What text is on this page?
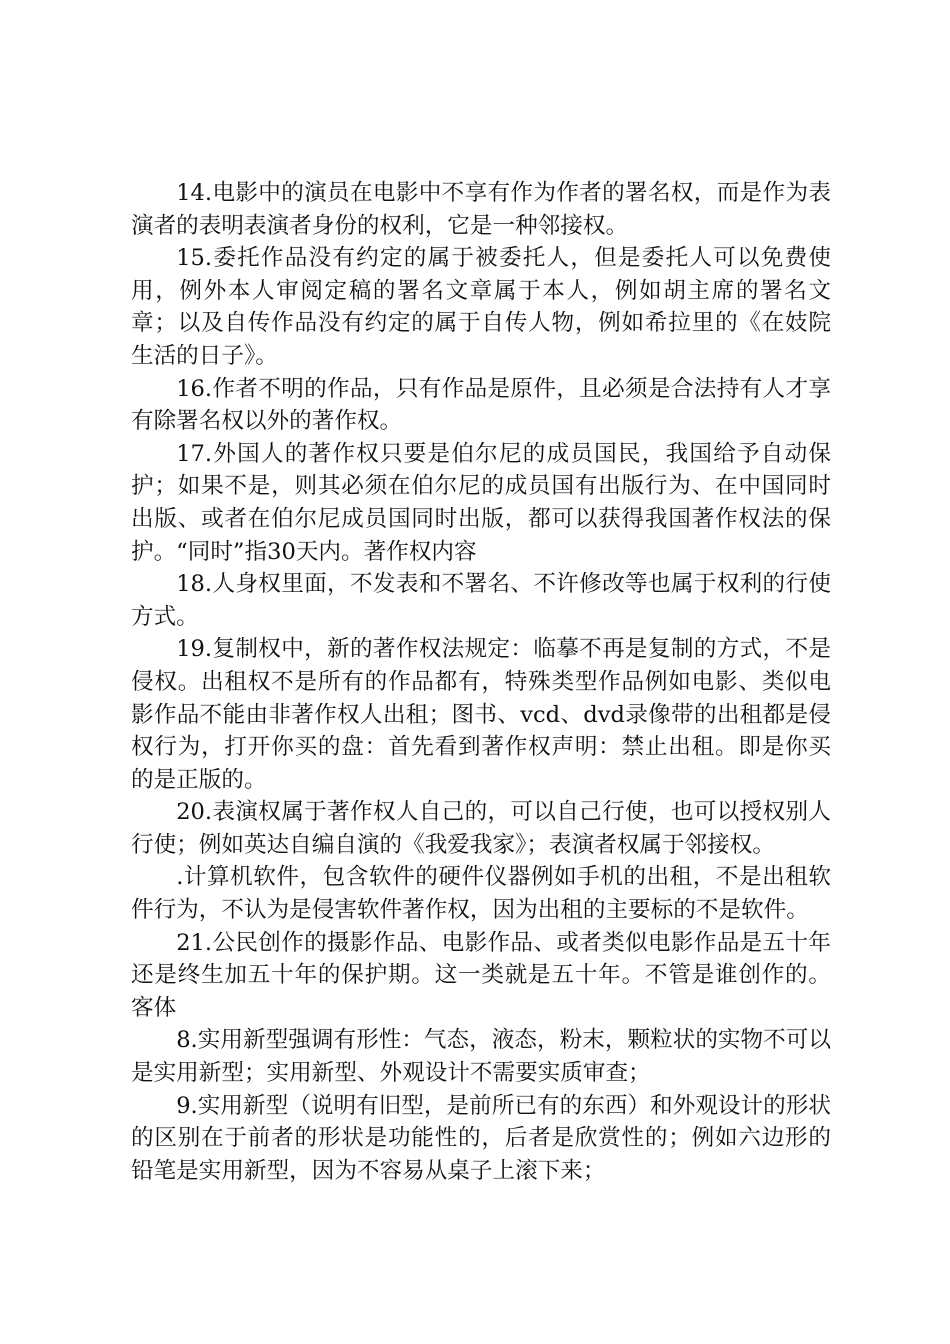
14.电影中的演员在电影中不享有作为作者的署名权，而是作为表演者的表明表演者身份的权利，它是一种邻接权。

15.委托作品没有约定的属于被委托人，但是委托人可以免费使用，例外本人审阅定稿的署名文章属于本人，例如胡主席的署名文章；以及自传作品没有约定的属于自传人物，例如希拉里的《在妓院生活的日子》。

16.作者不明的作品，只有作品是原件，且必须是合法持有人才享有除署名权以外的著作权。

17.外国人的著作权只要是伯尔尼的成员国民，我国给予自动保护；如果不是，则其必须在伯尔尼的成员国有出版行为、在中国同时出版、或者在伯尔尼成员国同时出版，都可以获得我国著作权法的保护。“同时”指30天内。著作权内容

18.人身权里面，不发表和不署名、不许修改等也属于权利的行使方式。

19.复制权中，新的著作权法规定：临摹不再是复制的方式，不是侵权。出租权不是所有的作品都有，特殊类型作品例如电影、类似电影作品不能由非著作权人出租；图书、vcd、dvd录像带的出租都是侵权行为，打开你买的盘：首先看到著作权声明：禁止出租。即是你买的是正版的。

20.表演权属于著作权人自己的，可以自己行使，也可以授权别人行使；例如英达自编自演的《我爱我家》；表演者权属于邻接权。

.计算机软件，包含软件的硬件仪器例如手机的出租，不是出租软件行为，不认为是侵害软件著作权，因为出租的主要标的不是软件。

21.公民创作的摄影作品、电影作品、或者类似电影作品是五十年还是终生加五十年的保护期。这一类就是五十年。不管是谁创作的。客体

8.实用新型强调有形性：气态，液态，粉末，颗粒状的实物不可以是实用新型；实用新型、外观设计不需要实质审查；

9.实用新型（说明有旧型，是前所已有的东西）和外观设计的形状的区别在于前者的形状是功能性的，后者是欣赏性的；例如六边形的铅笔是实用新型，因为不容易从桌子上滚下来；
